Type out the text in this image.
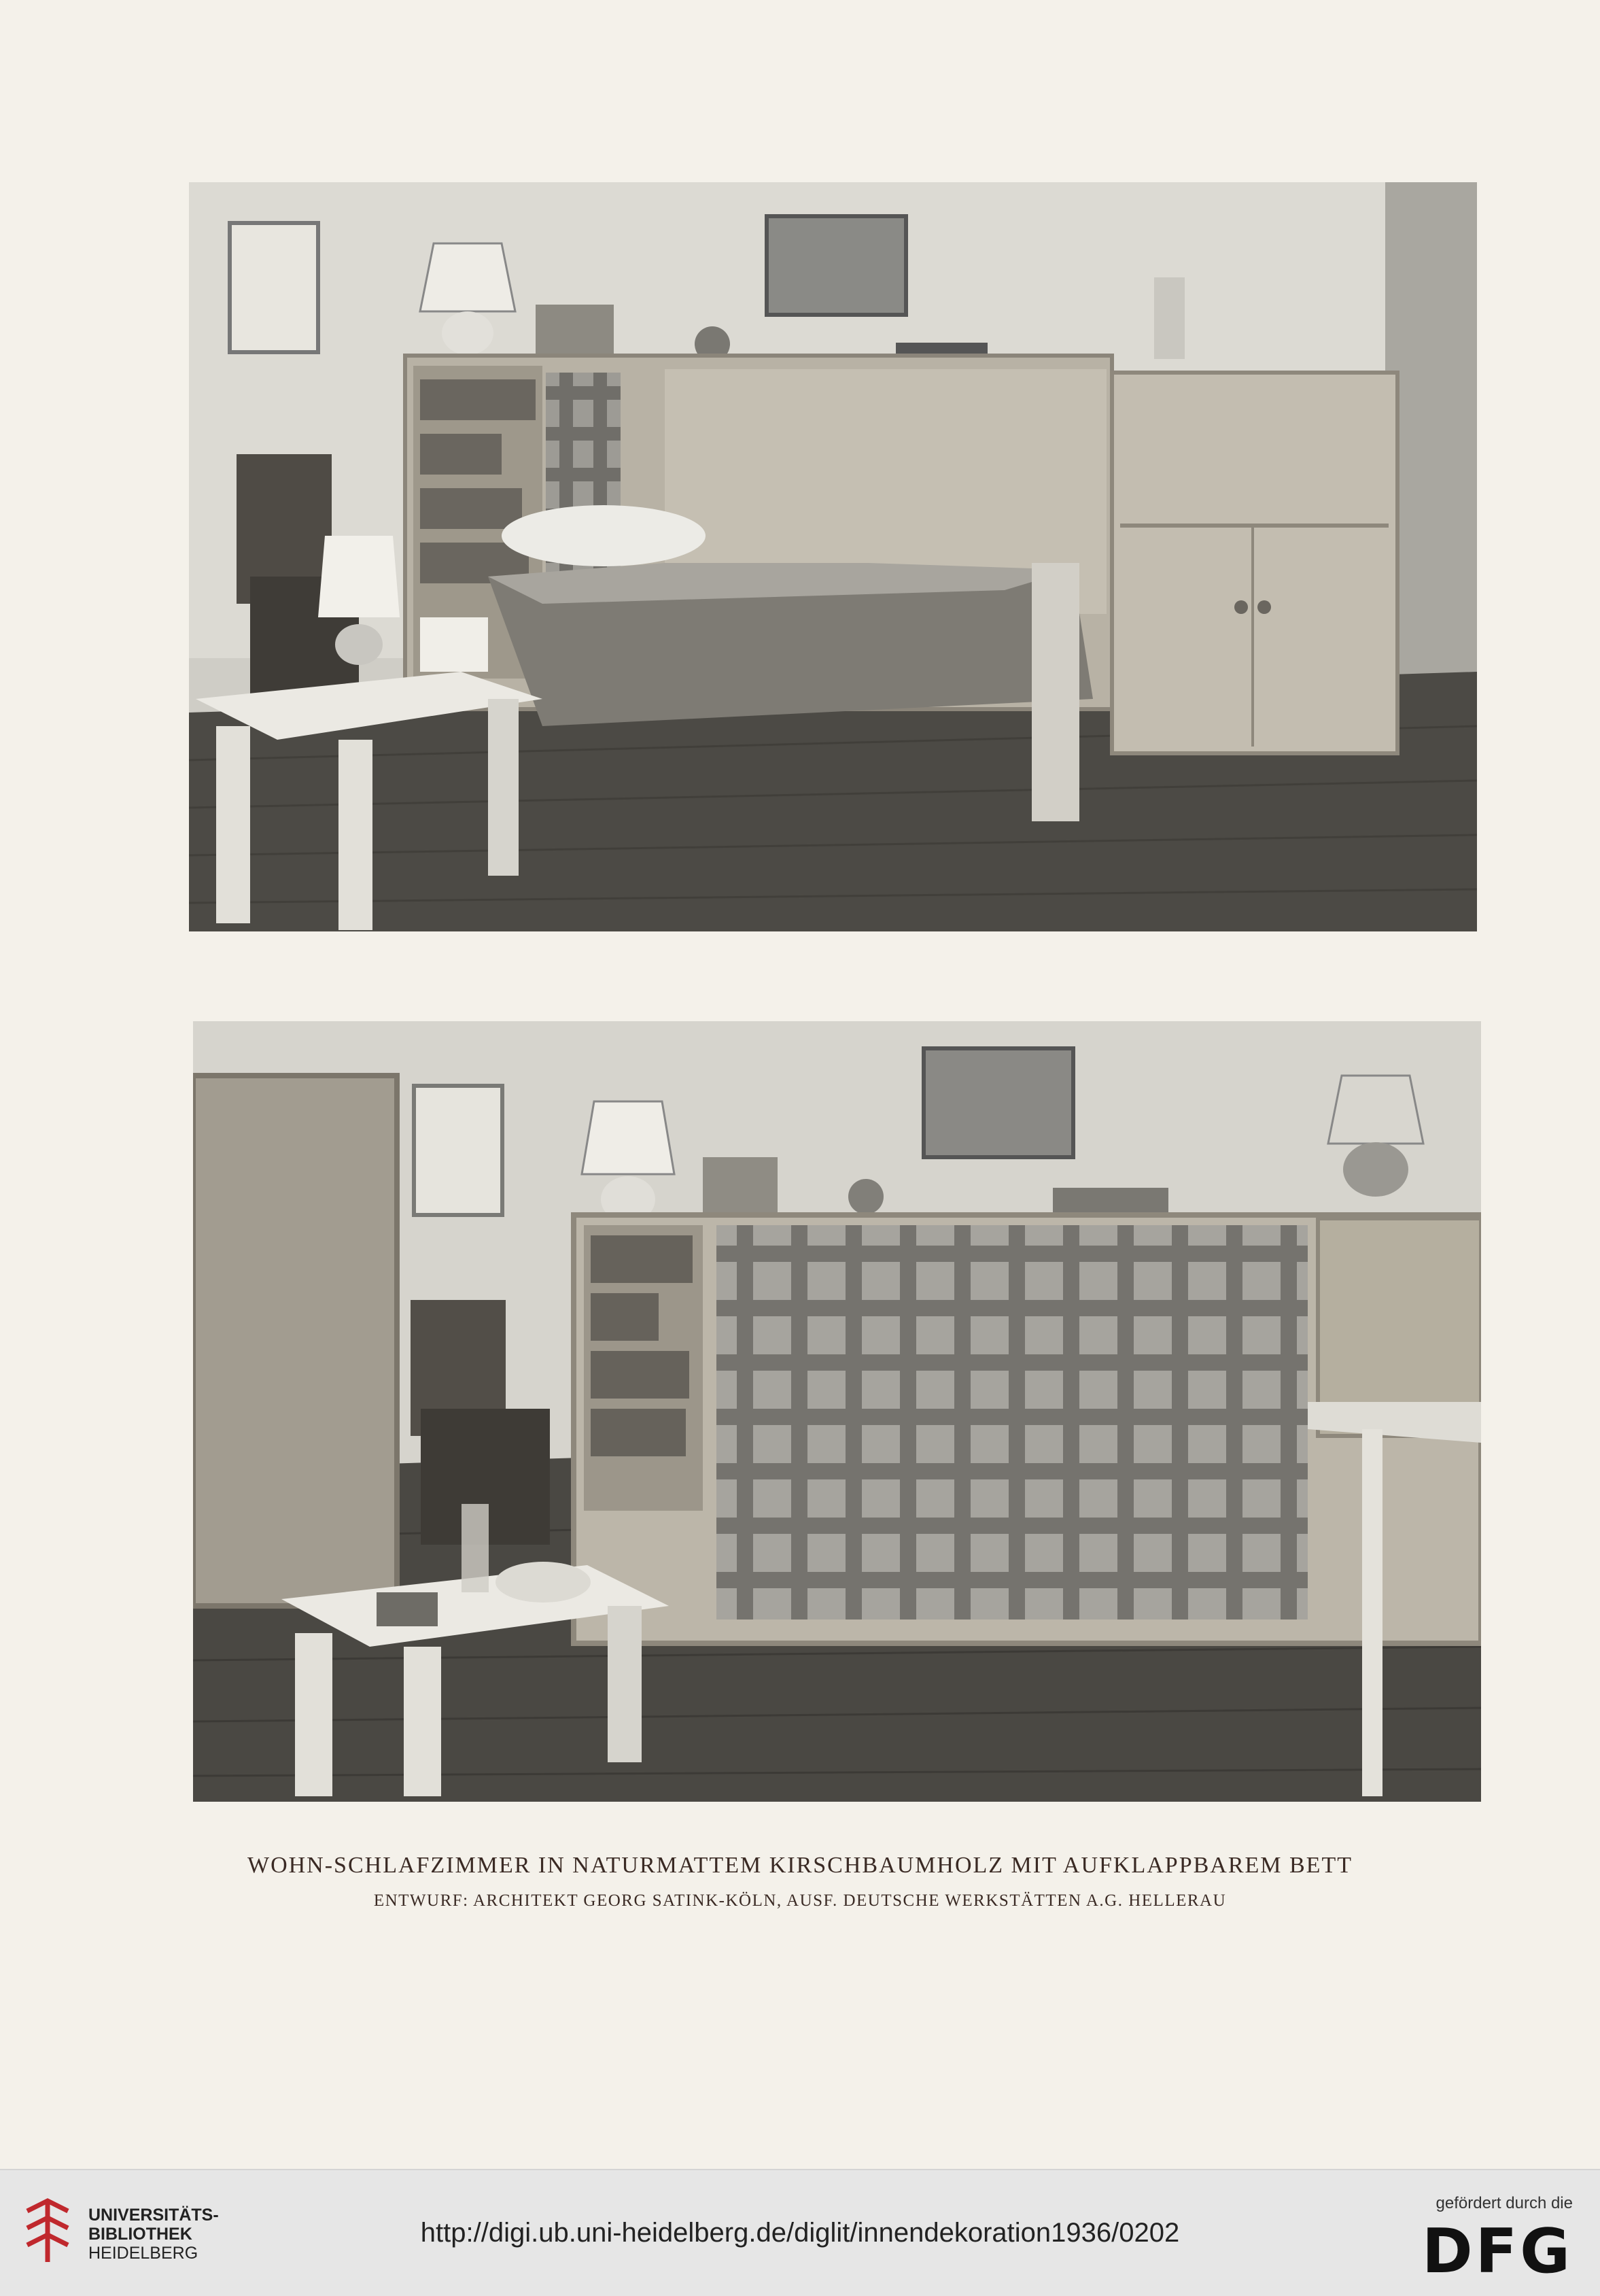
WOHN-SCHLAFZIMMER IN NATURMATTEM KIRSCHBAUMHOLZ MIT AUFKLAPPBAREM BETT
ENTWURF: ARCHITEKT GEORG SATINK-KÖLN, AUSF. DEUTSCHE WERKSTÄTTEN A.G. HELLERAU
UNIVERSITÄTS-
BIBLIOTHEK
HEIDELBERG
http://digi.ub.uni-heidelberg.de/diglit/innendekoration1936/0202
gefördert durch die
DFG
